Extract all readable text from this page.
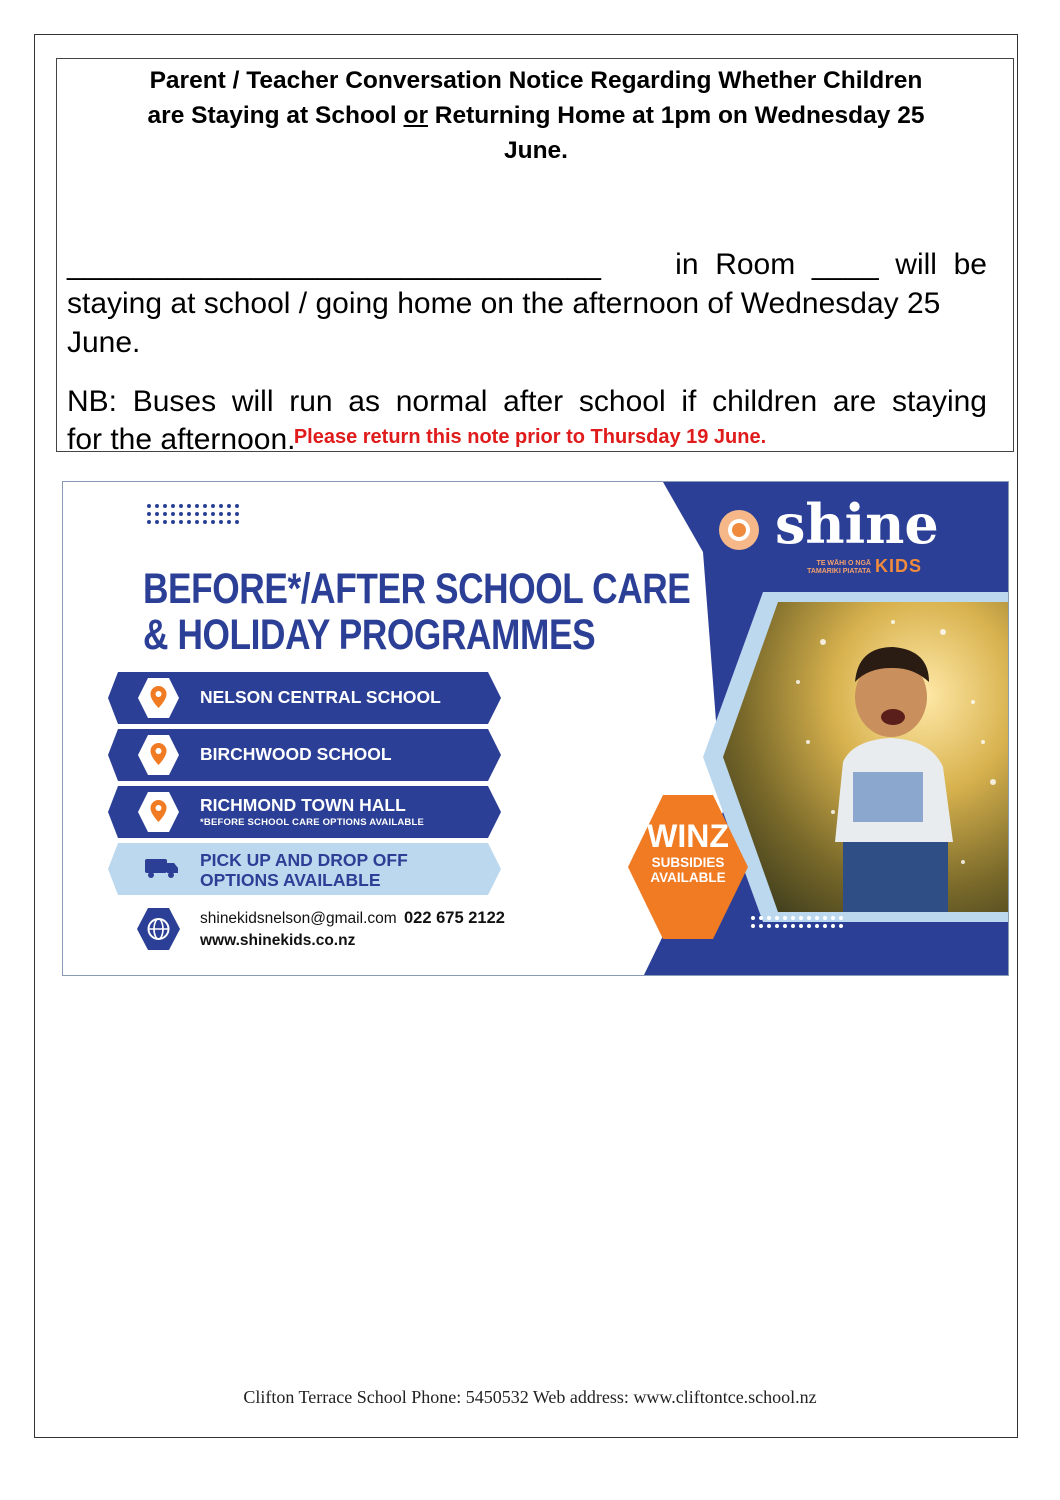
Parent / Teacher Conversation Notice Regarding Whether Children
are Staying at School or Returning Home at 1pm on Wednesday 25
June.
________________________________ in  Room  ____  will  be

staying at school / going home on the afternoon of Wednesday 25

June.

NB: Buses will run as normal after school if children are staying

for the afternoon.

Please return this note prior to Thursday 19 June.
BEFORE*/AFTER SCHOOL CARE
& HOLIDAY PROGRAMMES
NELSON CENTRAL SCHOOL
BIRCHWOOD SCHOOL
RICHMOND TOWN HALL
*BEFORE SCHOOL CARE OPTIONS AVAILABLE
PICK UP AND DROP OFF
OPTIONS AVAILABLE
shinekidsnelson@gmail.com 022 675 2122
www.shinekids.co.nz
shine
TE WĀHI O NGĀ
TAMARIKI PIATATA KIDS
WINZ
SUBSIDIES
AVAILABLE
Clifton Terrace School Phone: 5450532 Web address: www.cliftontce.school.nz
